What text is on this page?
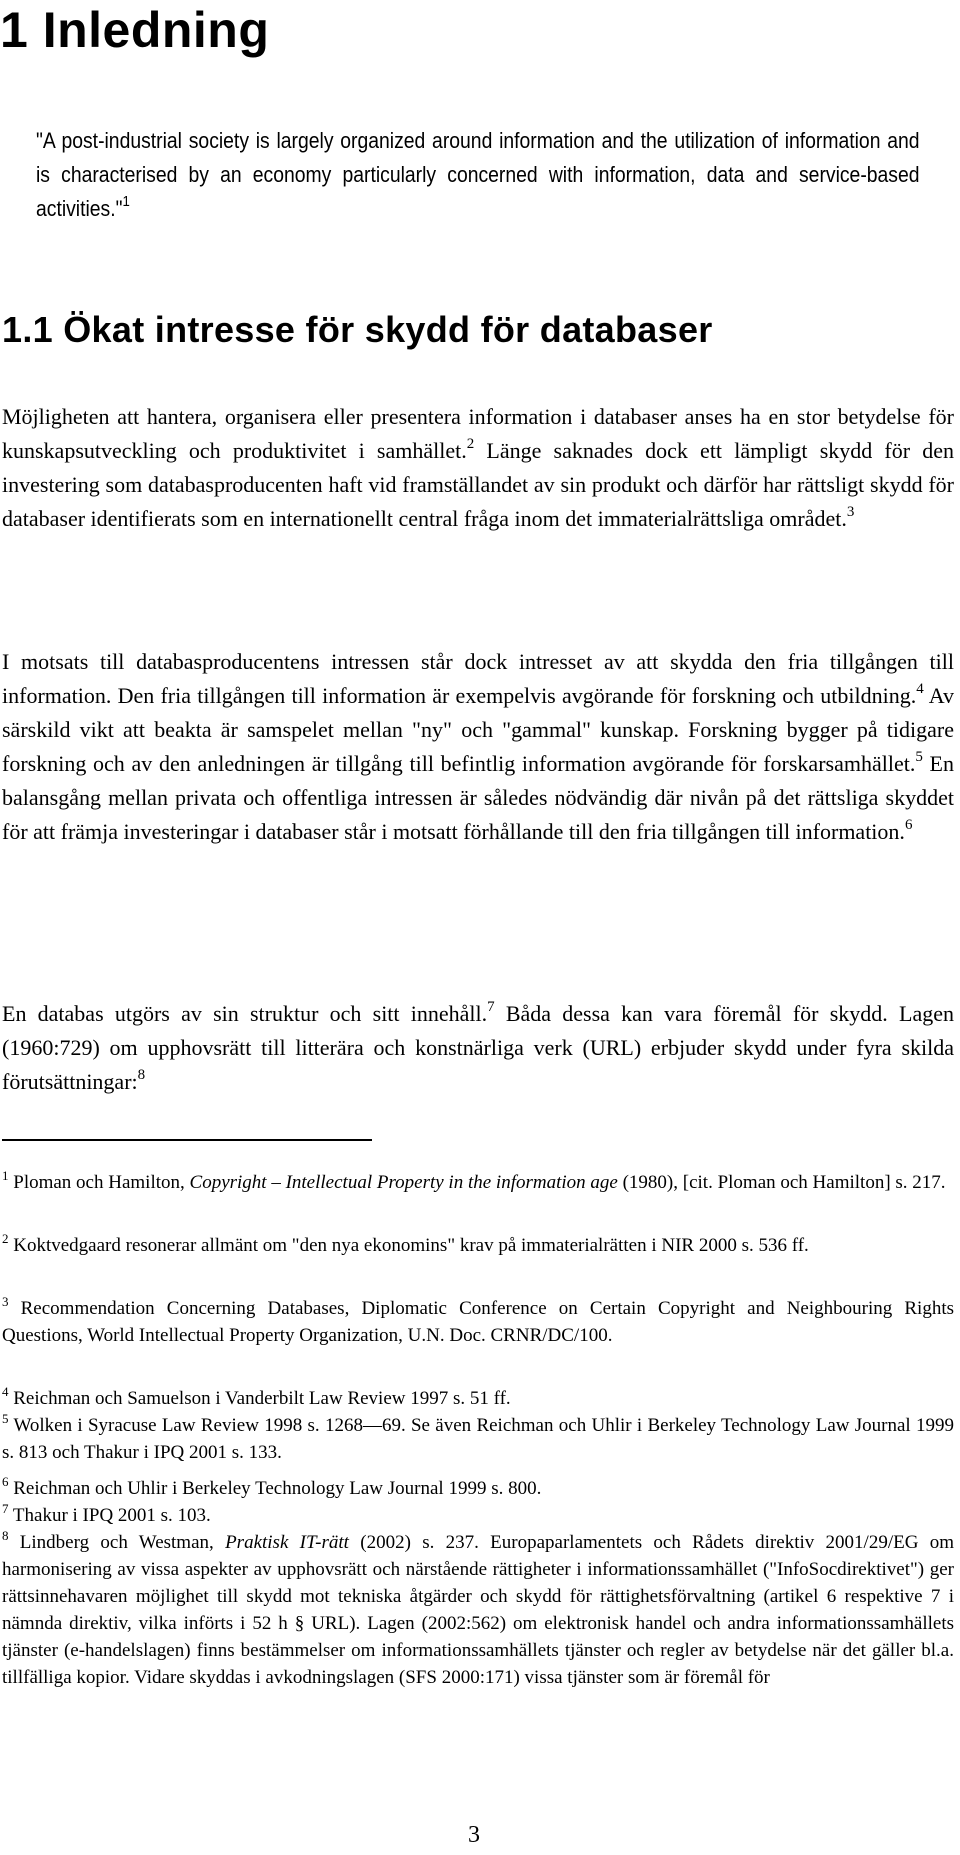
1 Inledning
"A post-industrial society is largely organized around information and the utilization of information and is characterised by an economy particularly concerned with information, data and service-based activities."$^1$
1.1 Ökat intresse för skydd för databaser

Möjligheten att hantera, organisera eller presentera information i databaser anses ha en stor betydelse för kunskapsutveckling och produktivitet i samhället.$^2$ Länge saknades dock ett lämpligt skydd för den investering som databasproducenten haft vid framställandet av sin produkt och därför har rättsligt skydd för databaser identifierats som en internationellt central fråga inom det immaterialrättsliga området.$^3$

I motsats till databasproducentens intressen står dock intresset av att skydda den fria tillgången till information. Den fria tillgången till information är exempelvis avgörande för forskning och utbildning.$^4$ Av särskild vikt att beakta är samspelet mellan "ny" och "gammal" kunskap. Forskning bygger på tidigare forskning och av den anledningen är tillgång till befintlig information avgörande för forskarsamhället.$^5$ En balansgång mellan privata och offentliga intressen är således nödvändig där nivån på det rättsliga skyddet för att främja investeringar i databaser står i motsatt förhållande till den fria tillgången till information.$^6$

En databas utgörs av sin struktur och sitt innehåll.$^7$ Båda dessa kan vara föremål för skydd. Lagen (1960:729) om upphovsrätt till litterära och konstnärliga verk (URL) erbjuder skydd under fyra skilda förutsättningar:$^8$

$^1$ Ploman och Hamilton, Copyright – Intellectual Property in the information age (1980), [cit. Ploman och Hamilton] s. 217.

$^2$ Koktvedgaard resonerar allmänt om "den nya ekonomins" krav på immaterialrätten i NIR 2000 s. 536 ff.

$^3$ Recommendation Concerning Databases, Diplomatic Conference on Certain Copyright and Neighbouring Rights Questions, World Intellectual Property Organization, U.N. Doc. CRNR/DC/100.

$^4$ Reichman och Samuelson i Vanderbilt Law Review 1997 s. 51 ff.

$^5$ Wolken i Syracuse Law Review 1998 s. 1268—69. Se även Reichman och Uhlir i Berkeley Technology Law Journal 1999 s. 813 och Thakur i IPQ 2001 s. 133.

$^6$ Reichman och Uhlir i Berkeley Technology Law Journal 1999 s. 800.

$^7$ Thakur i IPQ 2001 s. 103.

$^8$ Lindberg och Westman, Praktisk IT-rätt (2002) s. 237. Europaparlamentets och Rådets direktiv 2001/29/EG om harmonisering av vissa aspekter av upphovsrätt och närstående rättigheter i informationssamhället ("InfoSocdirektivet") ger rättsinnehavaren möjlighet till skydd mot tekniska åtgärder och skydd för rättighetsförvaltning (artikel 6 respektive 7 i nämnda direktiv, vilka införts i 52 h § URL). Lagen (2002:562) om elektronisk handel och andra informationssamhällets tjänster (e-handelslagen) finns bestämmelser om informationssamhällets tjänster och regler av betydelse när det gäller bl.a. tillfälliga kopior. Vidare skyddas i avkodningslagen (SFS 2000:171) vissa tjänster som är föremål för

3
